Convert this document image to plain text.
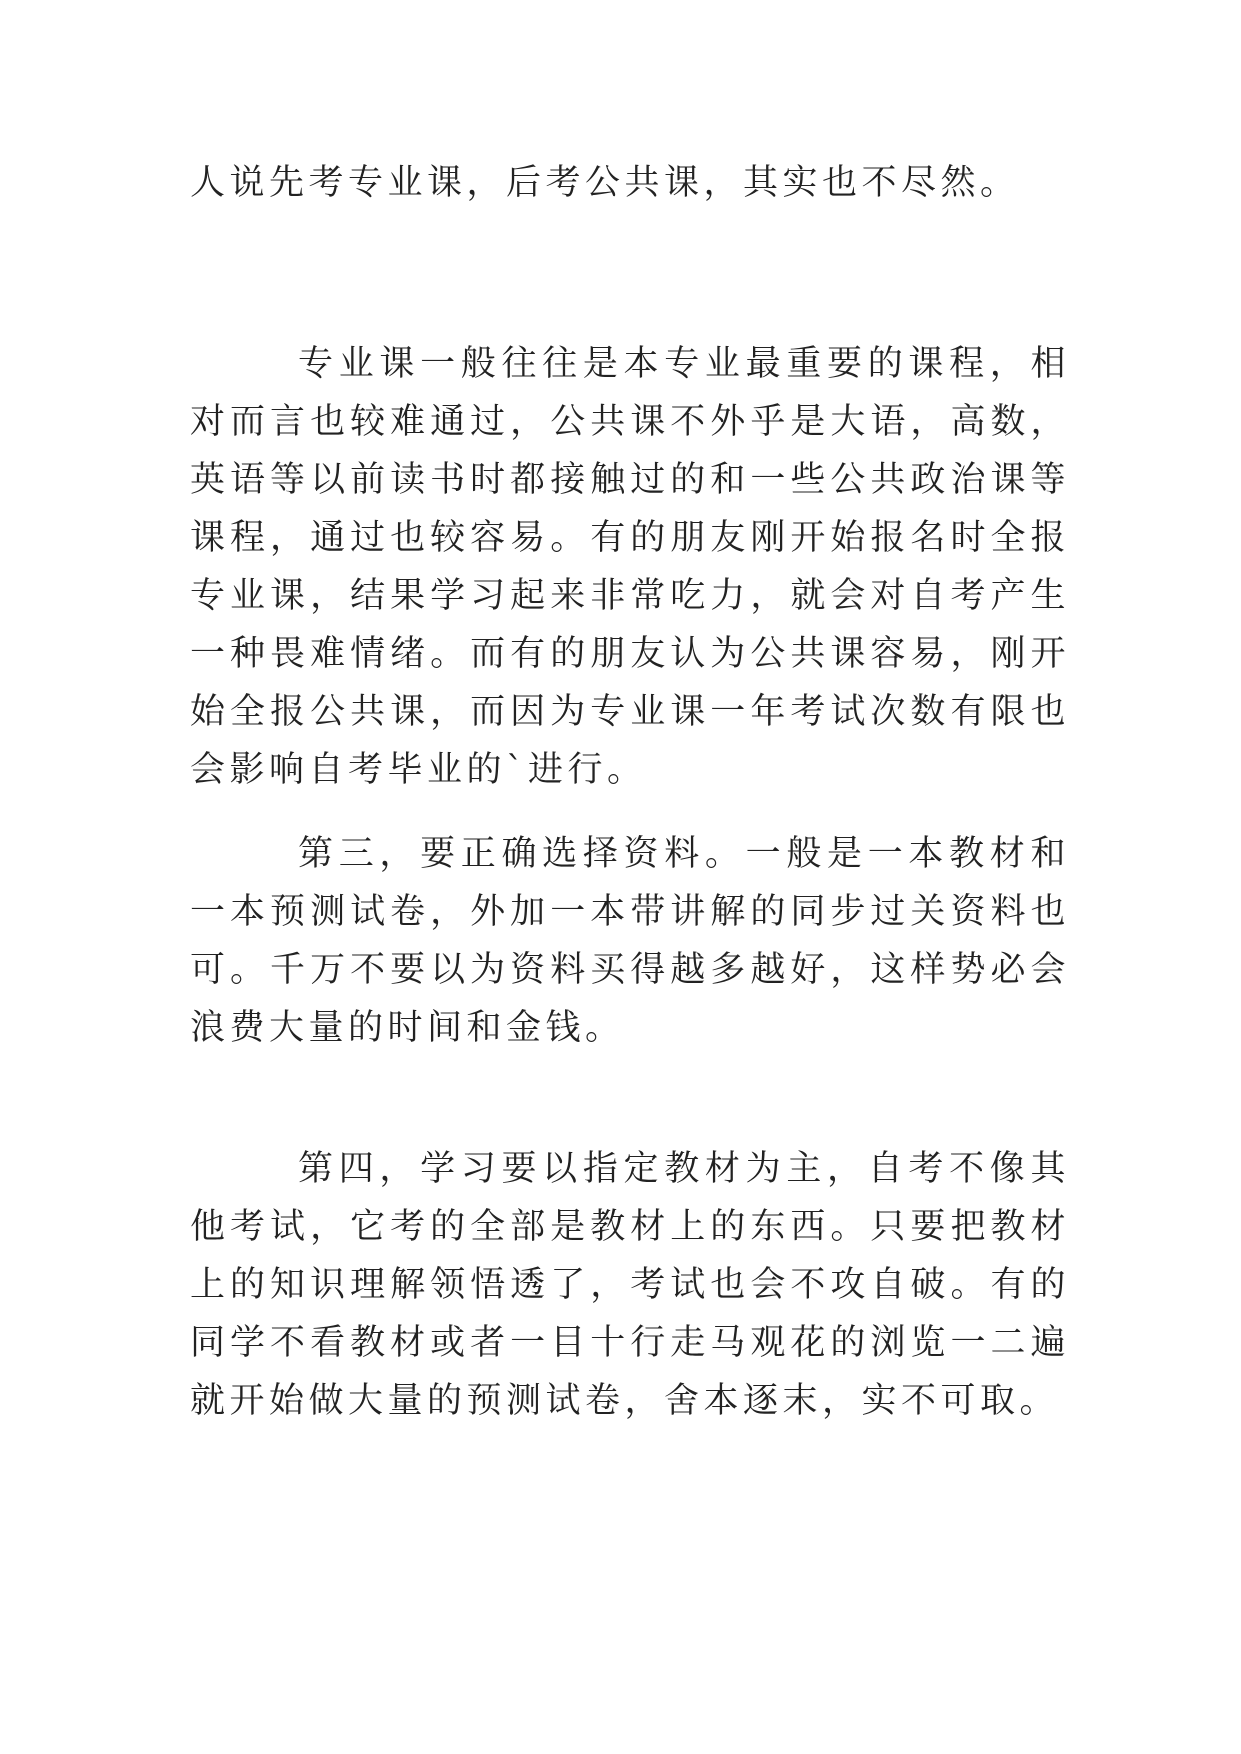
人说先考专业课，后考公共课，其实也不尽然。

专业课一般往往是本专业最重要的课程，相对而言也较难通过，公共课不外乎是大语，高数，英语等以前读书时都接触过的和一些公共政治课等课程，通过也较容易。有的朋友刚开始报名时全报专业课，结果学习起来非常吃力，就会对自考产生一种畏难情绪。而有的朋友认为公共课容易，刚开始全报公共课，而因为专业课一年考试次数有限也会影响自考毕业的`进行。

第三，要正确选择资料。一般是一本教材和一本预测试卷，外加一本带讲解的同步过关资料也可。千万不要以为资料买得越多越好，这样势必会浪费大量的时间和金钱。

第四，学习要以指定教材为主，自考不像其他考试，它考的全部是教材上的东西。只要把教材上的知识理解领悟透了，考试也会不攻自破。有的同学不看教材或者一目十行走马观花的浏览一二遍就开始做大量的预测试卷，舍本逐末，实不可取。
